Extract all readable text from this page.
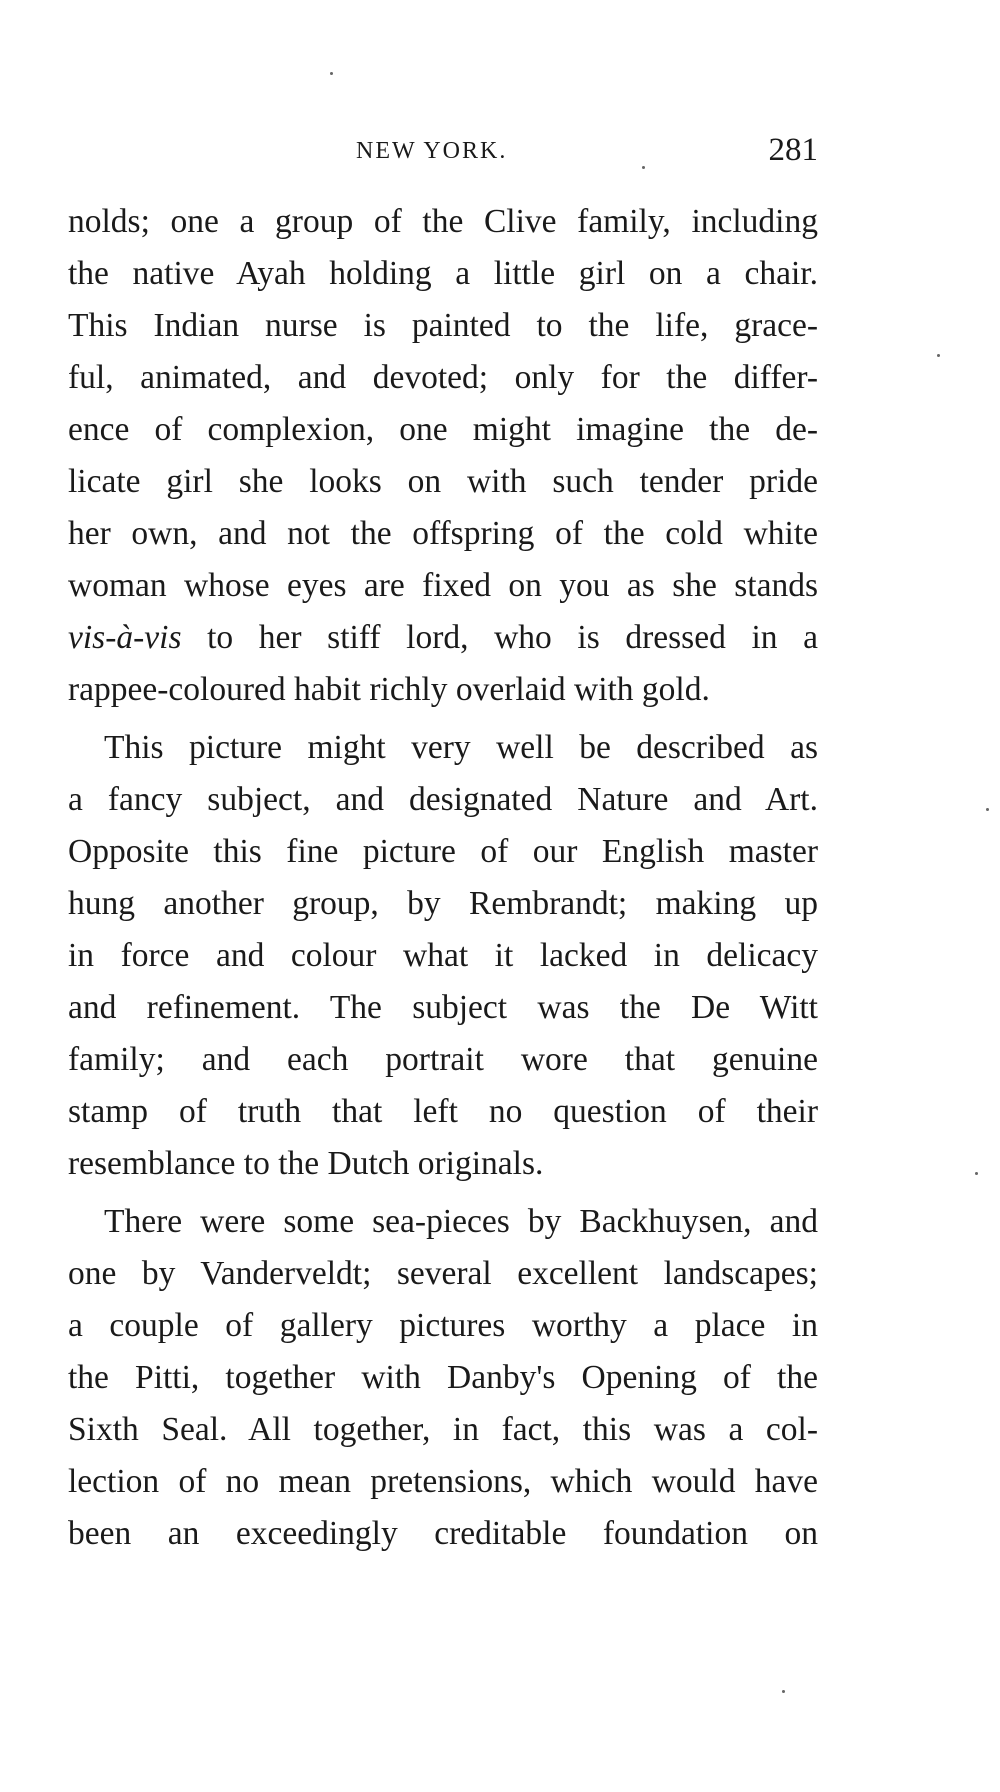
NEW YORK.	281
nolds; one a group of the Clive family, including
the native Ayah holding a little girl on a chair.
This Indian nurse is painted to the life, grace-
ful, animated, and devoted; only for the differ-
ence of complexion, one might imagine the de-
licate girl she looks on with such tender pride
her own, and not the offspring of the cold white
woman whose eyes are fixed on you as she stands
vis-à-vis to her stiff lord, who is dressed in a
rappee-coloured habit richly overlaid with gold.
This picture might very well be described as
a fancy subject, and designated Nature and Art.
Opposite this fine picture of our English master
hung another group, by Rembrandt; making up
in force and colour what it lacked in delicacy
and refinement. The subject was the De Witt
family; and each portrait wore that genuine
stamp of truth that left no question of their
resemblance to the Dutch originals.
There were some sea-pieces by Backhuysen, and
one by Vanderveldt; several excellent landscapes;
a couple of gallery pictures worthy a place in
the Pitti, together with Danby's Opening of the
Sixth Seal. All together, in fact, this was a col-
lection of no mean pretensions, which would have
been an exceedingly creditable foundation on
